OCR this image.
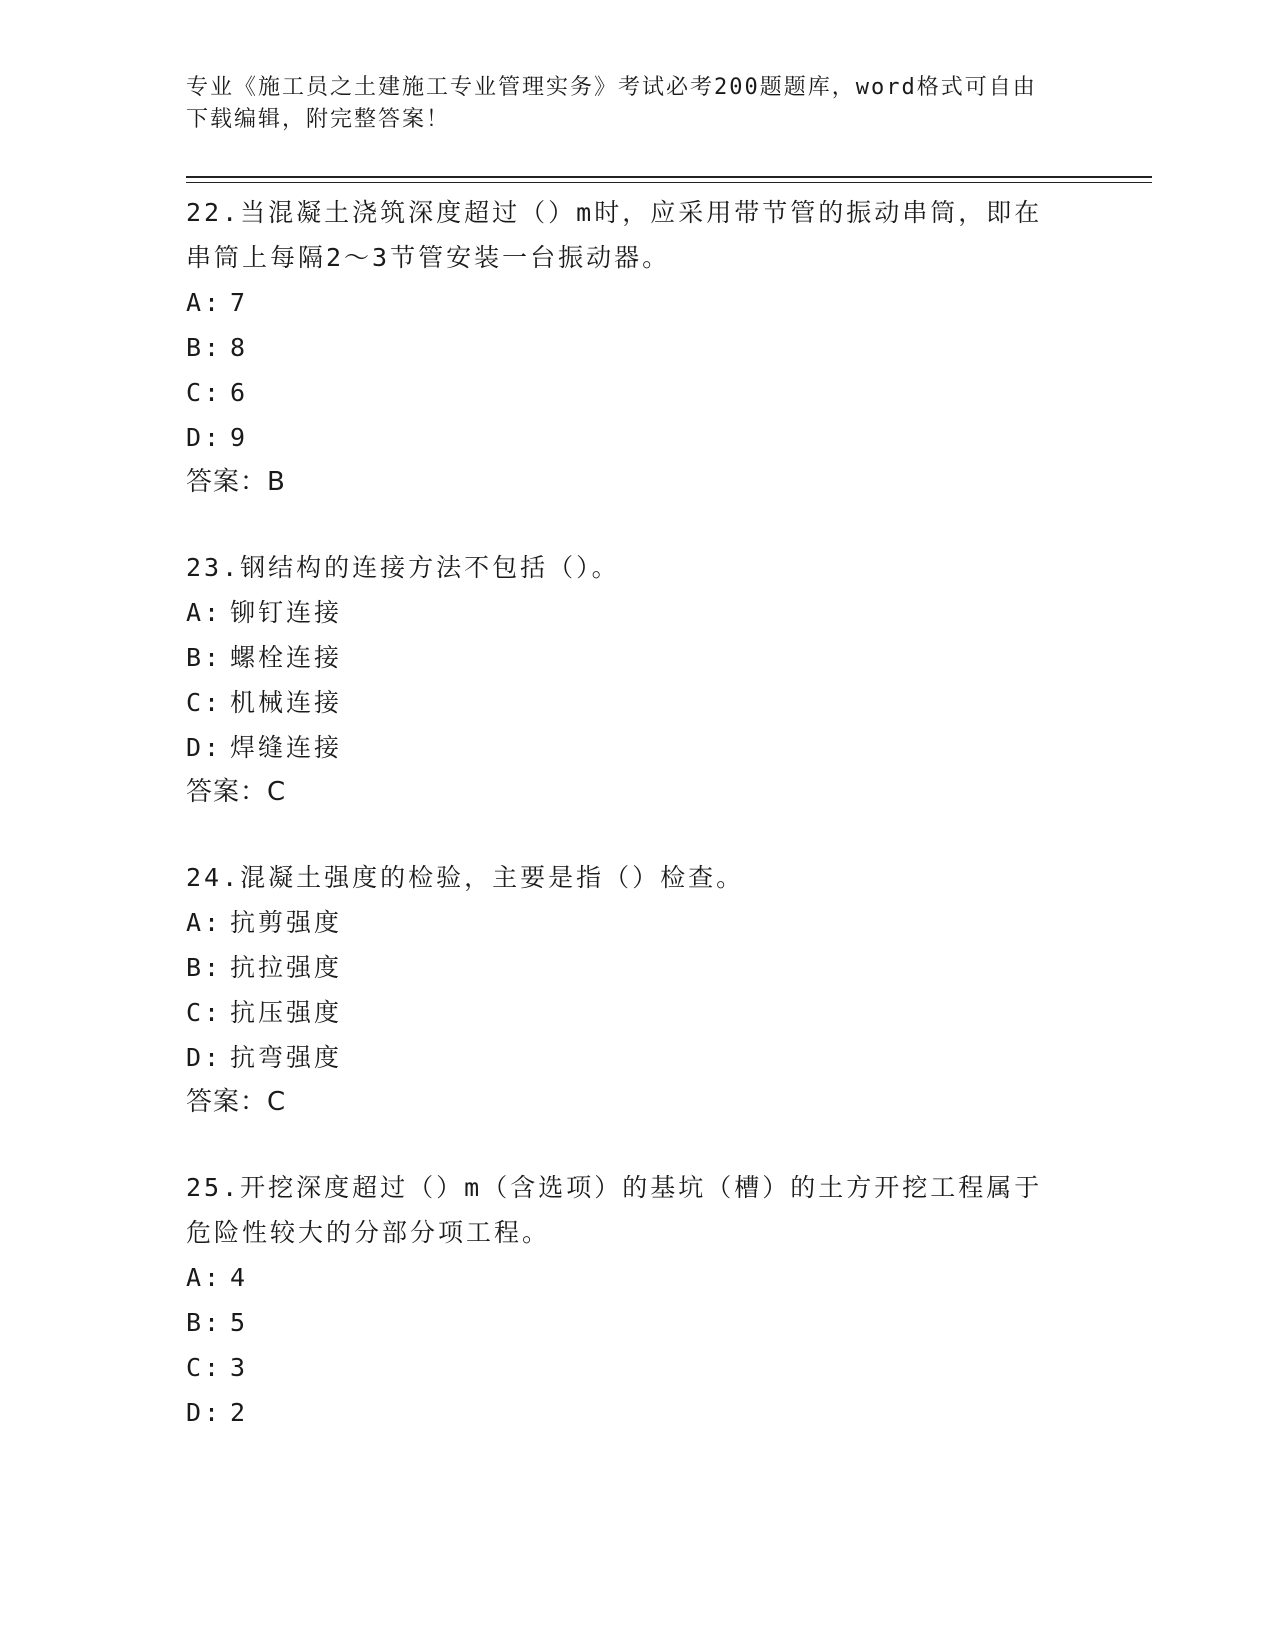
专业《施工员之土建施工专业管理实务》考试必考200题题库，word格式可自由
下载编辑，附完整答案！
22.当混凝土浇筑深度超过（）m时，应采用带节管的振动串筒，即在
串筒上每隔2～3节管安装一台振动器。
A: 7
B: 8
C: 6
D: 9
答案：B
23.钢结构的连接方法不包括（）。
A: 铆钉连接
B: 螺栓连接
C: 机械连接
D: 焊缝连接
答案：C
24.混凝土强度的检验，主要是指（）检查。
A: 抗剪强度
B: 抗拉强度
C: 抗压强度
D: 抗弯强度
答案：C
25.开挖深度超过（）m（含选项）的基坑（槽）的土方开挖工程属于
危险性较大的分部分项工程。
A: 4
B: 5
C: 3
D: 2
